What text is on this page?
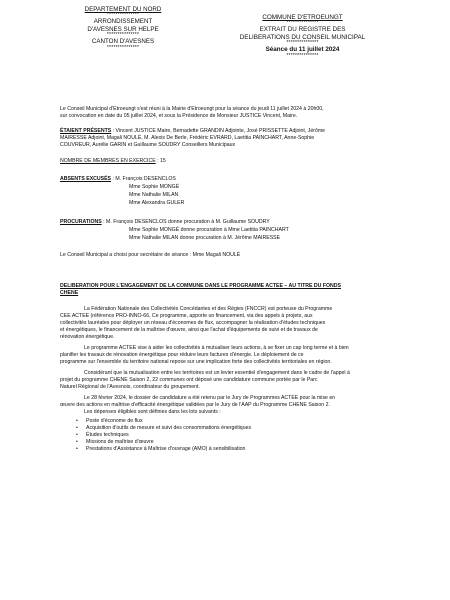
DEPARTEMENT DU NORD
***************
ARRONDISSEMENT
D'AVESNES SUR HELPE
***************
CANTON D'AVESNES
***************
COMMUNE D'ETROEUNGT
***************
EXTRAIT DU REGISTRE DES
DELIBERATIONS DU CONSEIL MUNICIPAL
***************
Séance du 11 juillet 2024
***************
Le Conseil Municipal d'Etroeungt s'est réuni à la Mairie d'Etroeungt pour la séance du jeudi 11 juillet 2024 à 20h00,
sur convocation en date du 05 juillet 2024, et sous la Présidence de Monsieur JUSTICE Vincent, Maire.
ÉTAIENT PRÉSENTS : Vincent JUSTICE Maire, Bernadette GRANDIN Adjointe, José PRISSETTE Adjoint, Jérôme
MAIRESSE Adjoint, Magali NOULÉ, M. Alexis De Berle, Frédéric EVRARD, Laetitia PAINCHART, Anne-Sophie
COUVREUR, Aurélie GARIN et Guillaume SOUDRY Conseillers Municipaux
NOMBRE DE MEMBRES EN EXERCICE : 15
ABSENTS EXCUSÉS : M. François DESENCLOS
Mme Sophie MONGÉ
Mme Nathalie MILAN
Mme Alexandra GULER
PROCURATIONS : M. François DESENCLOS donne procuration à M. Guillaume SOUDRY
Mme Sophie MONGÉ donne procuration à Mme Laetitia PAINCHART
Mme Nathalie MILAN donne procuration à M. Jérôme MAIRESSE
Le Conseil Municipal a choisi pour secrétaire de séance : Mme Magali NOULÉ
DELIBERATION POUR L'ENGAGEMENT DE LA COMMUNE DANS LE PROGRAMME ACTEE – AU TITRE DU FONDS
CHENE
La Fédération Nationale des Collectivités Concédantes et des Régies (FNCCR) est porteuse du Programme
CEE ACTEE (référence PRO-INNO-66. Ce programme, apporte un financement, via des appels à projets, aux
collectivités lauréates pour déployer un réseau d'économes de flux, accompagner la réalisation d'études techniques
et énergétiques, le financement de la maîtrise d'œuvre, ainsi que l'achat d'équipements de suivi et de travaux de
rénovation énergétique.
Le programme ACTEE vise à aider les collectivités à mutualiser leurs actions, à se fixer un cap long terme et à bien
planifier les travaux de rénovation énergétique pour réduire leurs factures d'énergie. Le déploiement de ce
programme sur l'ensemble du territoire national repose sur une implication forte des collectivités territoriales en région.
Considérant que la mutualisation entre les territoires est un levier essentiel d'engagement dans le cadre de l'appel à
projet du programme CHENE Saison 2, 22 communes ont déposé une candidature commune portée par le Parc
Naturel Régional de l'Avesnois, coordinateur du groupement.
Le 28 février 2024, le dossier de candidature a été retenu par le Jury de Programmes ACTEE pour la mise en
œuvre des actions en maîtrise d'efficacité énergétique validées par le Jury de l'AAP du Programme CHENE Saison 2.
Les dépenses éligibles sont définies dans les lots suivants :
• Poste d'économe de flux
• Acquisition d'outils de mesure et suivi des consommations énergétiques
• Études techniques
• Missions de maîtrise d'œuvre
• Prestations d'Assistance à Maîtrise d'ouvrage (AMO) à sensibilisation
